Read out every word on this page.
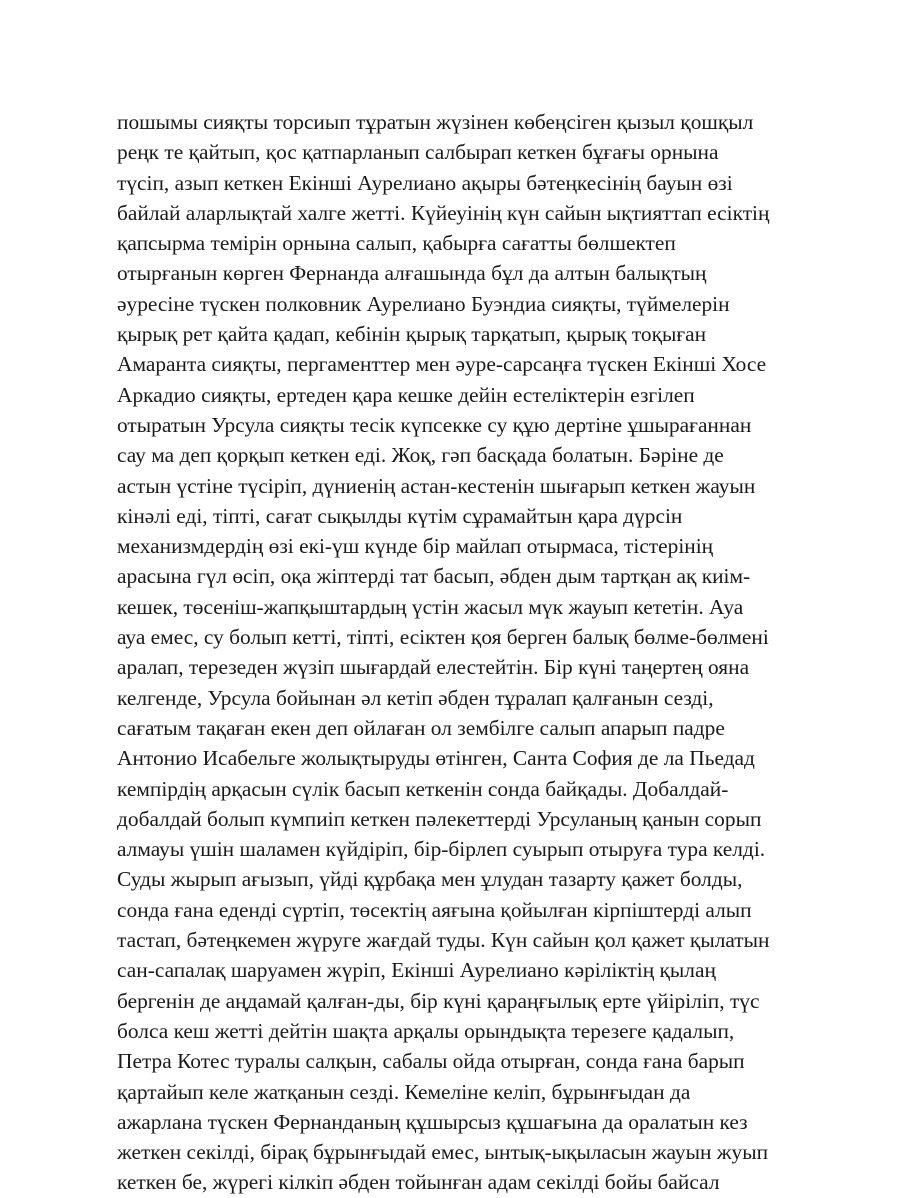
пошымы сияқты торсиып тұратын жүзінен көбеңсіген қызыл қошқыл
реңк те қайтып, қос қатпарланып салбырап кеткен бұғағы орнына
түсіп, азып кеткен Екінші Аурелиано ақыры бәтеңкесінің бауын өзі
байлай аларлықтай халге жетті. Күйеуінің күн сайын ықтияттап есіктің
қапсырма темірін орнына салып, қабырға сағатты бөлшектеп
отырғанын көрген Фернанда алғашында бұл да алтын балықтың
әуресіне түскен полковник Аурелиано Буэндиа сияқты, түймелерін
қырық рет қайта қадап, кебінін қырық тарқатып, қырық тоқыған
Амаранта сияқты, пергаменттер мен әуре-сарсаңға түскен Екінші Хосе
Аркадио сияқты, ертеден қара кешке дейін естеліктерін езгілеп
отыратын Урсула сияқты тесік күпсекке су құю дертіне ұшырағаннан
сау ма деп қорқып кеткен еді. Жоқ, гәп басқада болатын. Бәріне де
астын үстіне түсіріп, дүниенің астан-кестенін шығарып кеткен жауын
кінәлі еді, тіпті, сағат сықылды күтім сұрамайтын қара дүрсін
механизмдердің өзі екі-үш күнде бір майлап отырмаса, тістерінің
арасына гүл өсіп, оқа жіптерді тат басып, әбден дым тартқан ақ киім-
кешек, төсеніш-жапқыштардың үстін жасыл мүк жауып кететін. Ауа
ауа емес, су болып кетті, тіпті, есіктен қоя берген балық бөлме-бөлмені
аралап, терезеден жүзіп шығардай елестейтін. Бір күні таңертең ояна
келгенде, Урсула бойынан әл кетіп әбден тұралап қалғанын сезді,
сағатым тақаған екен деп ойлаған ол зембілге салып апарып падре
Антонио Исабельге жолықтыруды өтінген, Санта София де ла Пьедад
кемпірдің арқасын сүлік басып кеткенін сонда байқады. Добалдай-
добалдай болып күмпиіп кеткен пәлекеттерді Урсуланың қанын сорып
алмауы үшін шаламен күйдіріп, бір-бірлеп суырып отыруға тура келді.
Суды жырып ағызып, үйді құрбақа мен ұлудан тазарту қажет болды,
сонда ғана еденді сүртіп, төсектің аяғына қойылған кірпіштерді алып
тастап, бәтеңкемен жүруге жағдай туды. Күн сайын қол қажет қылатын
сан-сапалақ шаруамен жүріп, Екінші Аурелиано кәріліктің қылаң
бергенін де аңдамай қалған-ды, бір күні қараңғылық ерте үйіріліп, түс
болса кеш жетті дейтін шақта арқалы орындықта терезеге қадалып,
Петра Котес туралы салқын, сабалы ойда отырған, сонда ғана барып
қартайып келе жатқанын сезді. Кемеліне келіп, бұрынғыдан да
ажарлана түскен Фернанданың құшырсыз құшағына да оралатын кез
жеткен секілді, бірақ бұрынғыдай емес, ынтық-ықыласын жауын жуып
кеткен бе, жүрегі кілкіп әбден тойынған адам секілді бойы байсал
